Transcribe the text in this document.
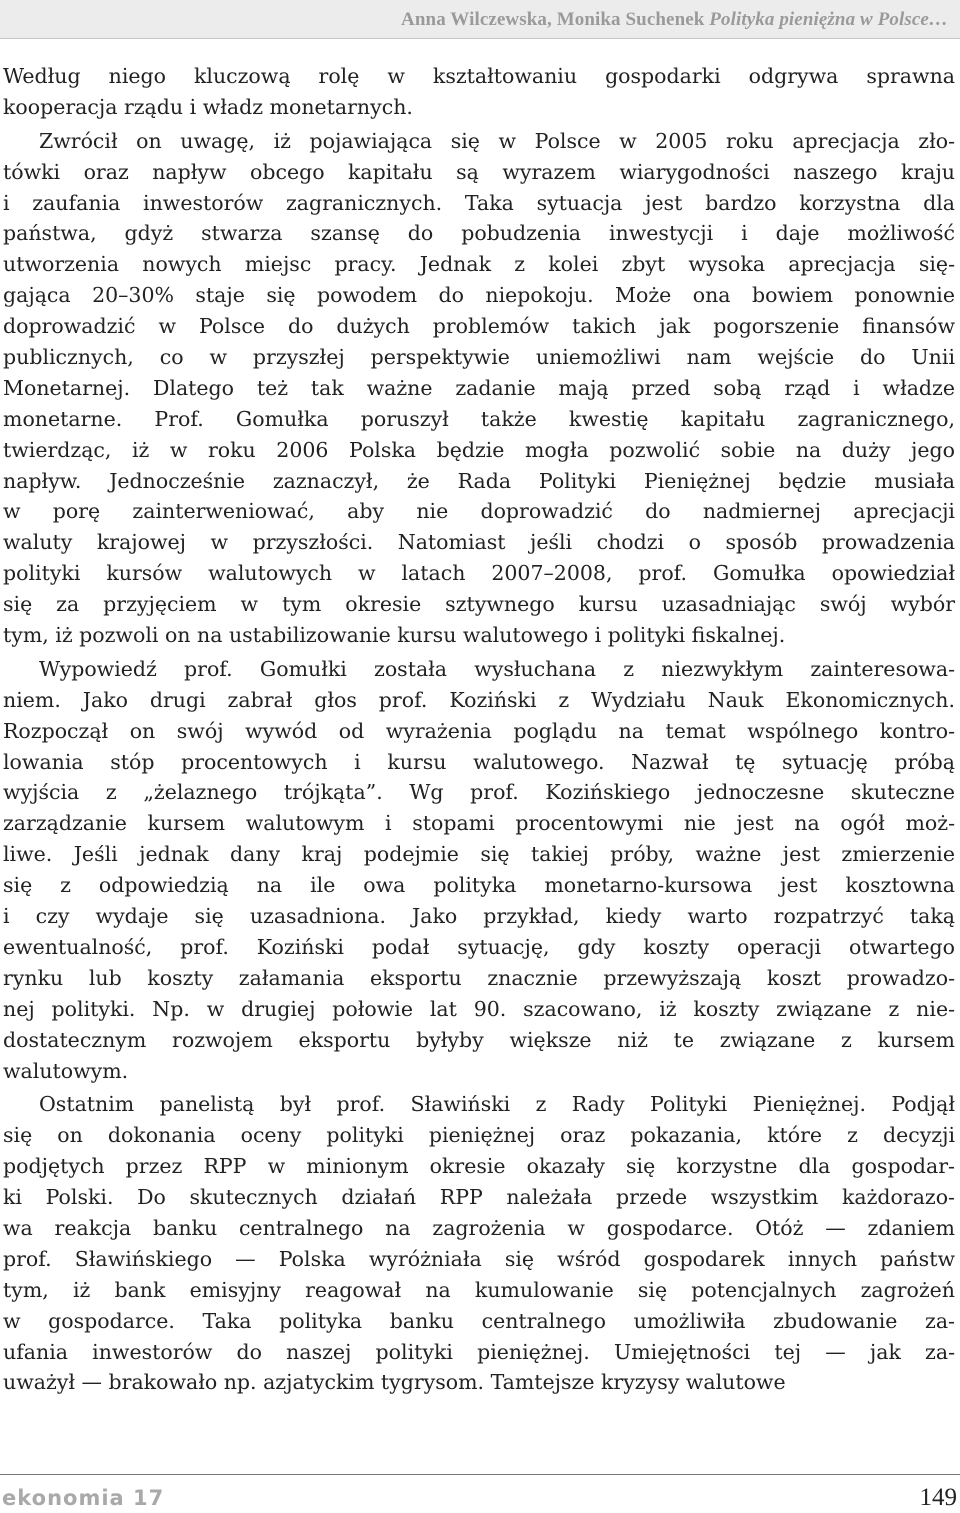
Anna Wilczewska, Monika Suchenek Polityka pieniężna w Polsce…
Według niego kluczową rolę w kształtowaniu gospodarki odgrywa sprawna
kooperacja rządu i władz monetarnych.
Zwrócił on uwagę, iż pojawiająca się w Polsce w 2005 roku aprecjacja zło-
tówki oraz napływ obcego kapitału są wyrazem wiarygodności naszego kraju
i zaufania inwestorów zagranicznych. Taka sytuacja jest bardzo korzystna dla
państwa, gdyż stwarza szansę do pobudzenia inwestycji i daje możliwość
utworzenia nowych miejsc pracy. Jednak z kolei zbyt wysoka aprecjacja się-
gająca 20–30% staje się powodem do niepokoju. Może ona bowiem ponownie
doprowadzić w Polsce do dużych problemów takich jak pogorszenie finansów
publicznych, co w przyszłej perspektywie uniemożliwi nam wejście do Unii
Monetarnej. Dlatego też tak ważne zadanie mają przed sobą rząd i władze
monetarne. Prof. Gomułka poruszył także kwestię kapitału zagranicznego,
twierdząc, iż w roku 2006 Polska będzie mogła pozwolić sobie na duży jego
napływ. Jednocześnie zaznaczył, że Rada Polityki Pieniężnej będzie musiała
w porę zainterweniować, aby nie doprowadzić do nadmiernej aprecjacji
waluty krajowej w przyszłości. Natomiast jeśli chodzi o sposób prowadzenia
polityki kursów walutowych w latach 2007–2008, prof. Gomułka opowiedział
się za przyjęciem w tym okresie sztywnego kursu uzasadniając swój wybór
tym, iż pozwoli on na ustabilizowanie kursu walutowego i polityki fiskalnej.
Wypowiedź prof. Gomułki została wysłuchana z niezwykłym zainteresowa-
niem. Jako drugi zabrał głos prof. Koziński z Wydziału Nauk Ekonomicznych.
Rozpoczął on swój wywód od wyrażenia poglądu na temat wspólnego kontro-
lowania stóp procentowych i kursu walutowego. Nazwał tę sytuację próbą
wyjścia z „żelaznego trójkąta”. Wg prof. Kozińskiego jednoczesne skuteczne
zarządzanie kursem walutowym i stopami procentowymi nie jest na ogół moż-
liwe. Jeśli jednak dany kraj podejmie się takiej próby, ważne jest zmierzenie
się z odpowiedzią na ile owa polityka monetarno-kursowa jest kosztowna
i czy wydaje się uzasadniona. Jako przykład, kiedy warto rozpatrzyć taką
ewentualność, prof. Koziński podał sytuację, gdy koszty operacji otwartego
rynku lub koszty załamania eksportu znacznie przewyższają koszt prowadzo-
nej polityki. Np. w drugiej połowie lat 90. szacowano, iż koszty związane z nie-
dostatecznym rozwojem eksportu byłyby większe niż te związane z kursem
walutowym.
Ostatnim panelistą był prof. Sławiński z Rady Polityki Pieniężnej. Podjął
się on dokonania oceny polityki pieniężnej oraz pokazania, które z decyzji
podjętych przez RPP w minionym okresie okazały się korzystne dla gospodar-
ki Polski. Do skutecznych działań RPP należała przede wszystkim każdorazo-
wa reakcja banku centralnego na zagrożenia w gospodarce. Otóż — zdaniem
prof. Sławińskiego — Polska wyróżniała się wśród gospodarek innych państw
tym, iż bank emisyjny reagował na kumulowanie się potencjalnych zagrożeń
w gospodarce. Taka polityka banku centralnego umożliwiła zbudowanie za-
ufania inwestorów do naszej polityki pieniężnej. Umiejętności tej — jak za-
uważył — brakowało np. azjatyckim tygrysom. Tamtejsze kryzysy walutowe
ekonomia 17	149
